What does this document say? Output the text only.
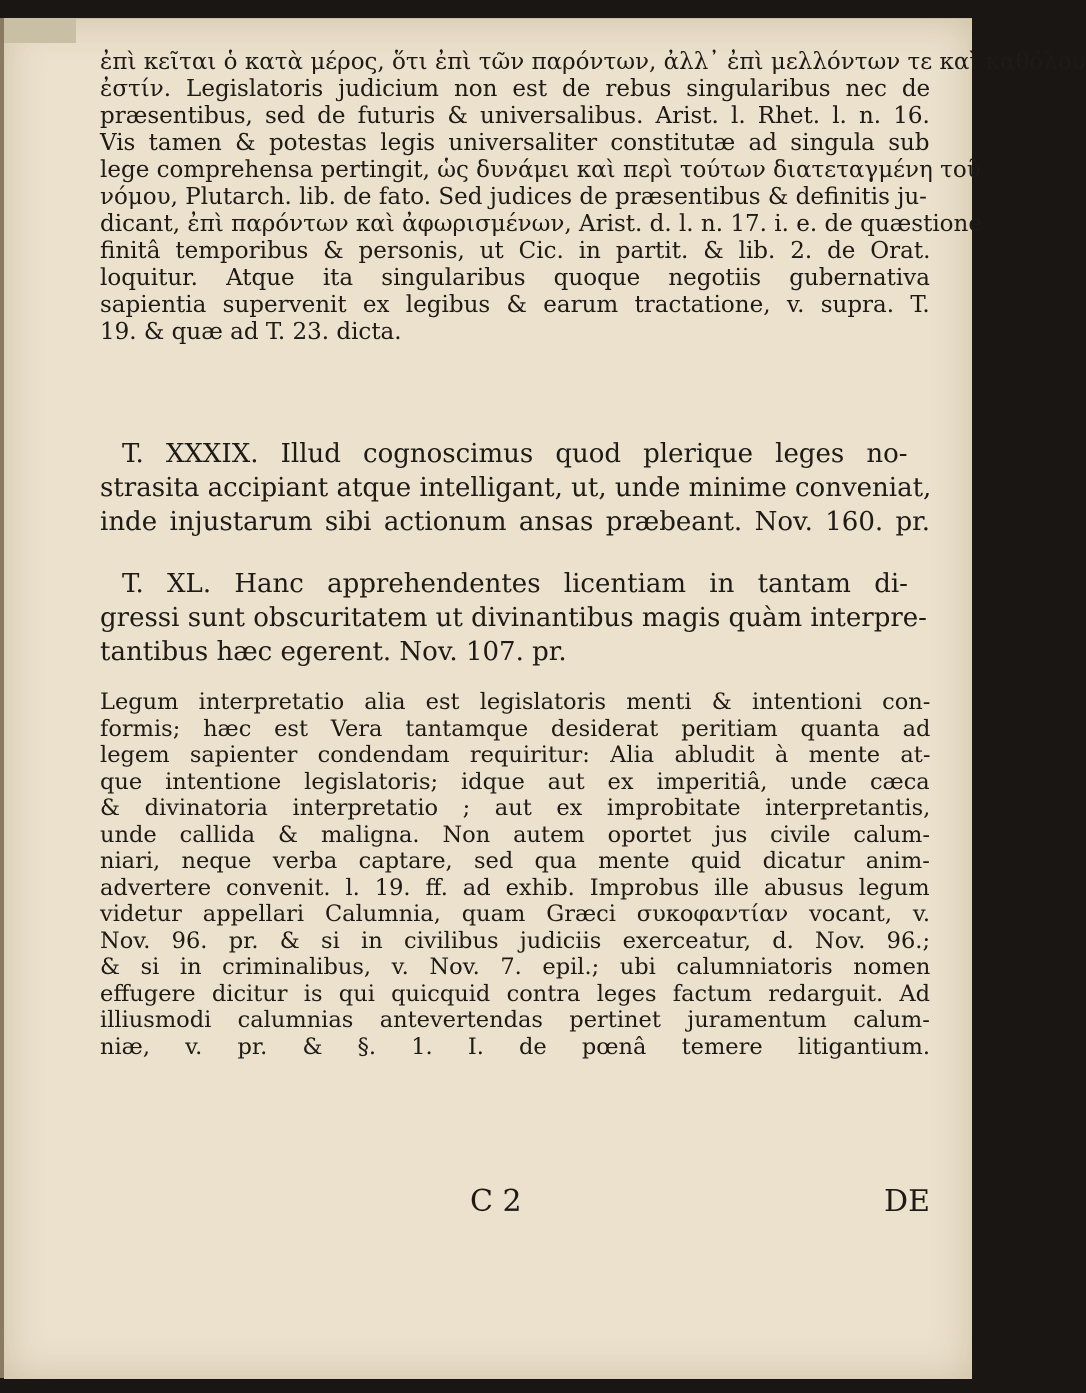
ἐπὶ κεῖται ὁ κατὰ μέρος, ὅτι ἐπὶ τῶν παρόντων, ἀλλ᾽ ἐπὶ μελλόντων τε καὶ καθόλου
ἐστίν. Legislatoris judicium non est de rebus singularibus nec de
præsentibus, sed de futuris & universalibus. Arist. l. Rhet. l. n. 16.
Vis tamen & potestas legis universaliter constitutæ ad singula sub
lege comprehensa pertingit, ὡς δυνάμει καὶ περὶ τούτων διατεταγμένη τοῦ
νόμου, Plutarch. lib. de fato. Sed judices de præsentibus & definitis ju-
dicant, ἐπὶ παρόντων καὶ ἀφωρισμένων, Arist. d. l. n. 17. i. e. de quæstione
finitâ temporibus & personis, ut Cic. in partit. & lib. 2. de Orat.
loquitur. Atque ita singularibus quoque negotiis gubernativa
sapientia supervenit ex legibus & earum tractatione, v. supra. T.
19. & quæ ad T. 23. dicta.
T. XXXIX. Illud cognoscimus quod plerique leges no-
strasita accipiant atque intelligant, ut, unde minime conveniat,
inde injustarum sibi actionum ansas præbeant. Nov. 160. pr.
T. XL. Hanc apprehendentes licentiam in tantam di-
gressi sunt obscuritatem ut divinantibus magis quàm interpre-
tantibus hæc egerent. Nov. 107. pr.
Legum interpretatio alia est legislatoris menti & intentioni con-
formis; hæc est Vera tantamque desiderat peritiam quanta ad
legem sapienter condendam requiritur: Alia abludit à mente at-
que intentione legislatoris; idque aut ex imperitiâ, unde cæca
& divinatoria interpretatio ; aut ex improbitate interpretantis,
unde callida & maligna. Non autem oportet jus civile calum-
niari, neque verba captare, sed qua mente quid dicatur anim-
advertere convenit. l. 19. ff. ad exhib. Improbus ille abusus legum
videtur appellari Calumnia, quam Græci συκοφαντίαν vocant, v.
Nov. 96. pr. & si in civilibus judiciis exerceatur, d. Nov. 96.;
& si in criminalibus, v. Nov. 7. epil.; ubi calumniatoris nomen
effugere dicitur is qui quicquid contra leges factum redarguit. Ad
illiusmodi calumnias antevertendas pertinet juramentum calum-
niæ, v. pr. & §. 1. I. de pœnâ temere litigantium.
C 2	DE
